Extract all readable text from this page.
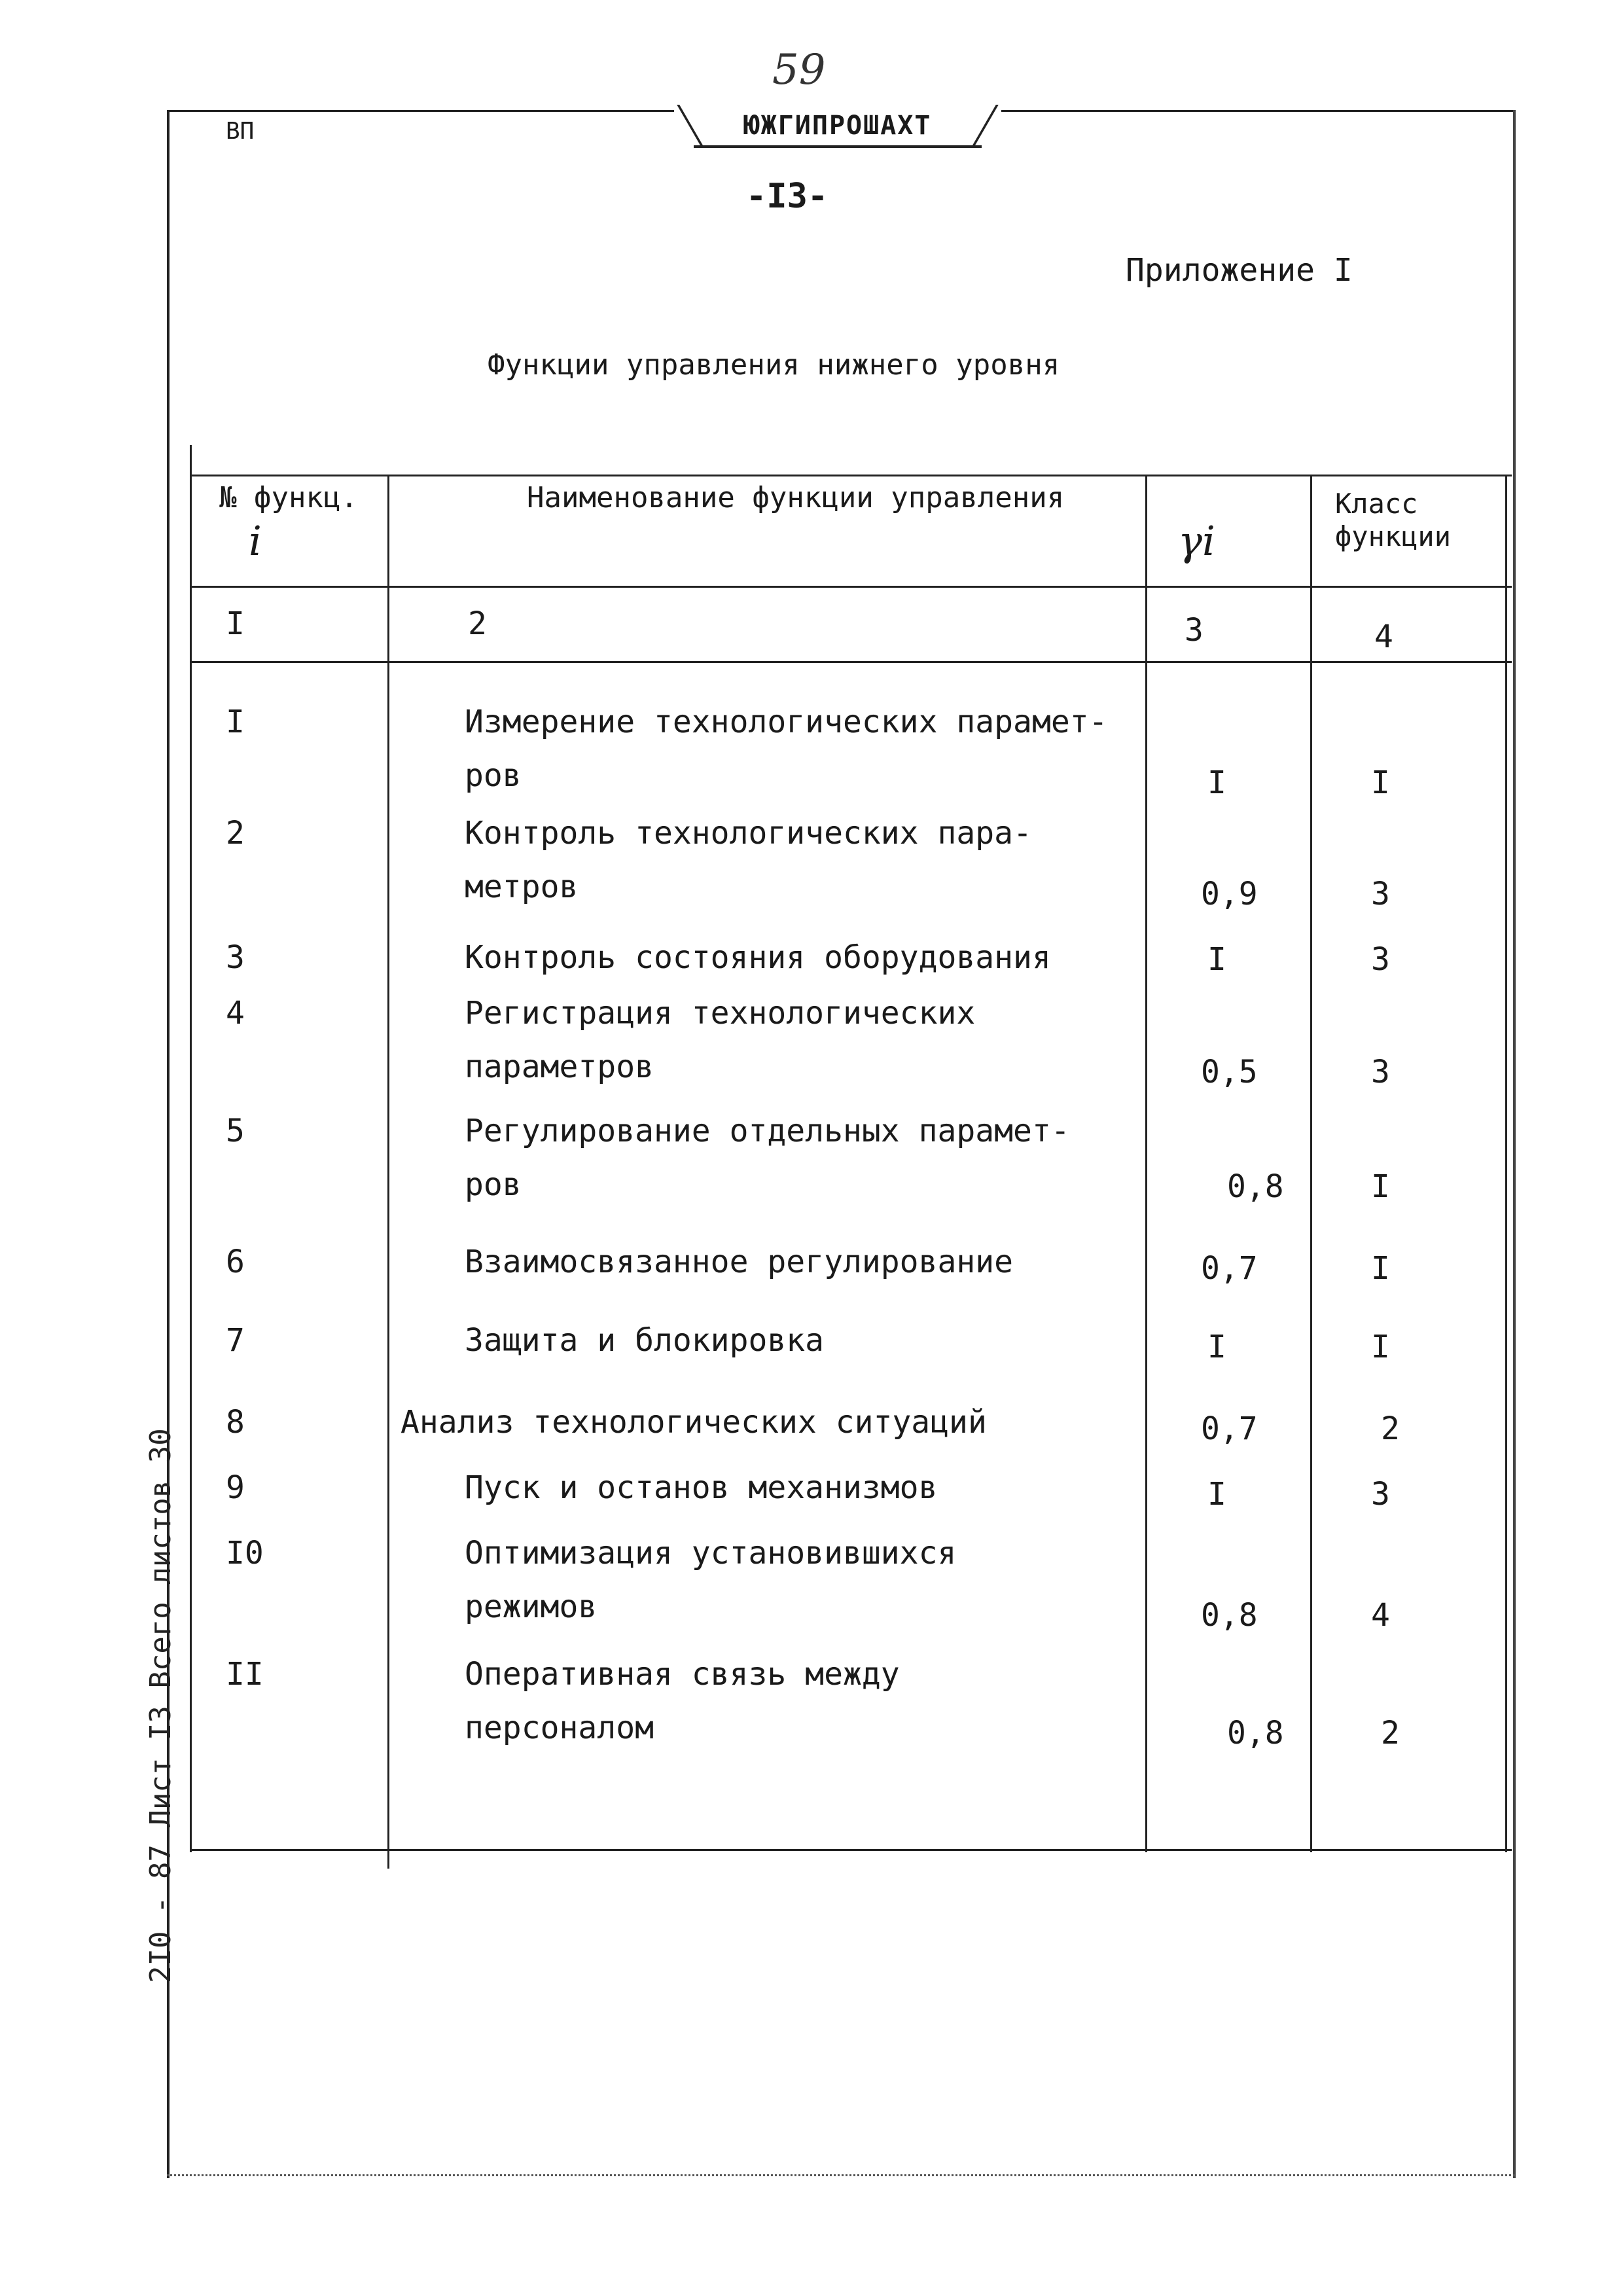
59
ЮЖГИПРОШАХТ
ВП
-I3-
Приложение I
Функции управления нижнего уровня
2I0 - 87 Лист I3 Всего листов 30
№ функц.
i
Наименование функции управления
γi
Класс
функции
I	2	3	4
I	Измерение технологических парамет-
ров	I	I
2	Контроль технологических пара-
метров	0,9	3
3	Контроль состояния оборудования	I	3
4	Регистрация технологических
параметров	0,5	3
5	Регулирование отдельных парамет-
ров	0,8	I
6	Взаимосвязанное регулирование	0,7	I
7	Защита и блокировка	I	I
8	Анализ технологических ситуаций	0,7	2
9	Пуск и останов механизмов	I	3
I0	Оптимизация установившихся
режимов	0,8	4
II	Оперативная связь между
персоналом	0,8	2
